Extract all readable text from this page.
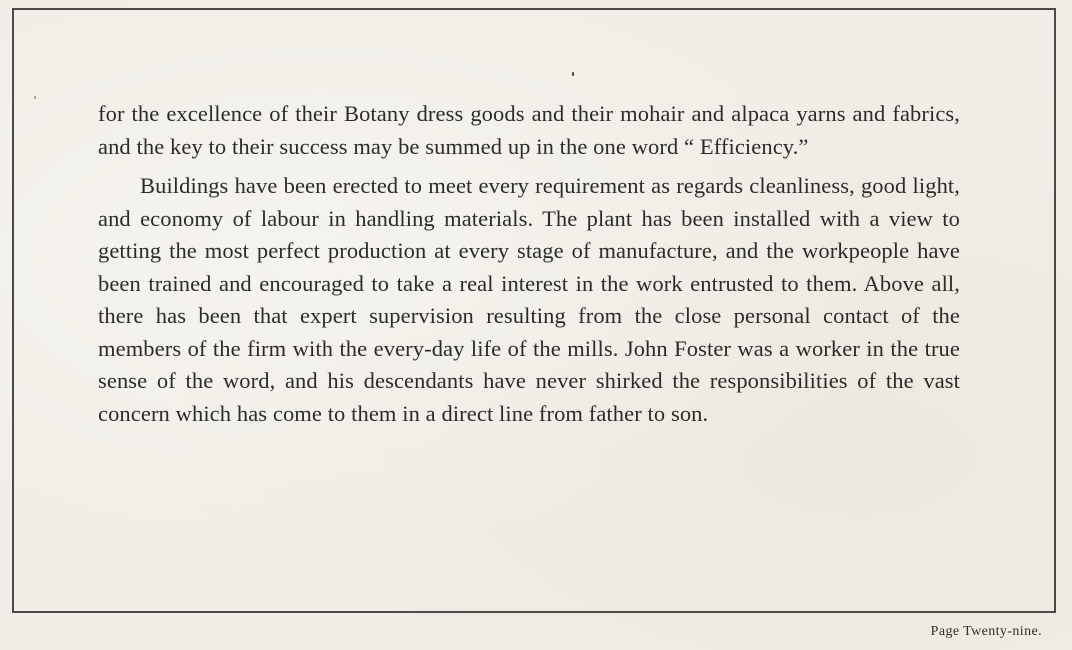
for the excellence of their Botany dress goods and their mohair and alpaca yarns and fabrics, and the key to their success may be summed up in the one word “ Efficiency.”

Buildings have been erected to meet every requirement as regards cleanliness, good light, and economy of labour in handling materials. The plant has been installed with a view to getting the most perfect production at every stage of manufacture, and the workpeople have been trained and encouraged to take a real interest in the work entrusted to them. Above all, there has been that expert supervision resulting from the close personal contact of the members of the firm with the every-day life of the mills. John Foster was a worker in the true sense of the word, and his descendants have never shirked the responsibilities of the vast concern which has come to them in a direct line from father to son.

Page Twenty-nine.
